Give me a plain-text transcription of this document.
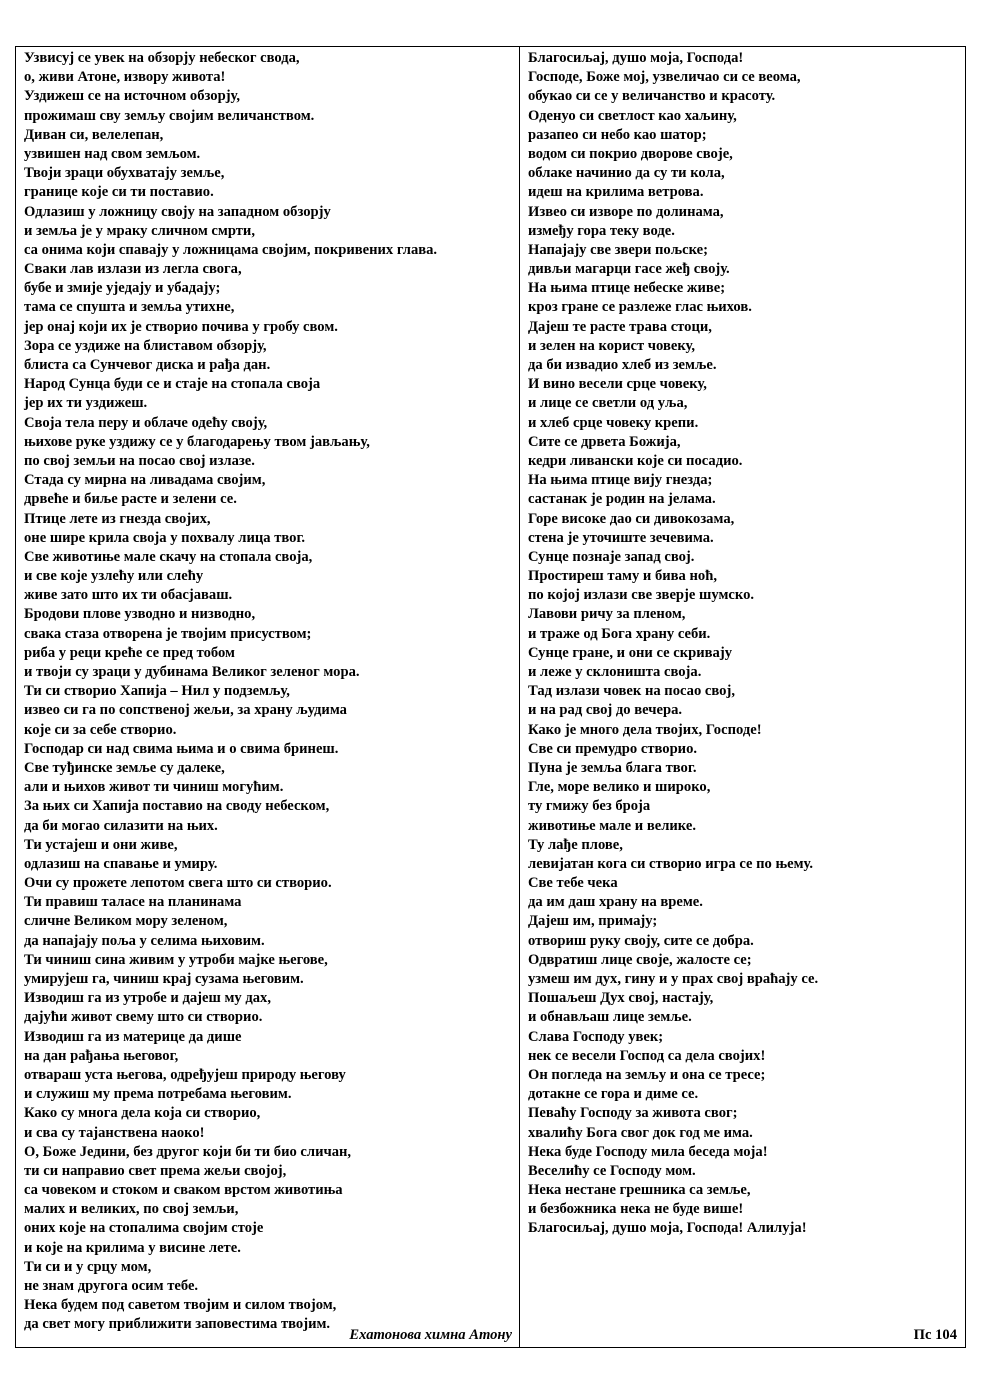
Узвисуј се увек на обзорју небеског свода,
о, живи Атоне, извору живота!
Уздижеш се на источном обзорју,
прожимаш сву земљу својим величанством.
Диван си, велелепан,
узвишен над свом земљом.
Твоји зраци обухватају земље,
границе које си ти поставио.
Одлазиш у ложницу своју на западном обзорју
и земља је у мраку сличном смрти,
са онима који спавају у ложницама својим, покривених глава.
Сваки лав излази из легла свога,
бубе и змије уједају и убадају;
тама се спушта и земља утихне,
јер онај који их је створио почива у гробу свом.
Зора се уздиже на блиставом обзорју,
блиста са Сунчевог диска и рађа дан.
Народ Сунца буди се и стаје на стопала своја
јер их ти уздижеш.
Своја тела перу и облаче одећу своју,
њихове руке уздижу се у благодарењу твом јављању,
по свој земљи на посао свој излазе.
Стада су мирна на ливадама својим,
дрвеће и биље расте и зелени се.
Птице лете из гнезда својих,
оне шире крила своја у похвалу лица твог.
Све животиње мале скачу на стопала своја,
и све које узлећу или слећу
живе зато што их ти обасјаваш.
Бродови плове узводно и низводно,
свака стаза отворена је твојим присуством;
риба у реци креће се пред тобом
и твоји су зраци у дубинама Великог зеленог мора.
Ти си створио Хапија – Нил у подземљу,
извео си га по сопственој жељи, за храну људима
које си за себе створио.
Господар си над свима њима и о свима бринеш.
Све туђинске земље су далеке,
али и њихов живот ти чиниш могућим.
За њих си Хапија поставио на своду небеском,
да би могао силазити на њих.
Ти устајеш и они живе,
одлазиш на спавање и умиру.
Очи су прожете лепотом свега што си створио.
Ти правиш таласе на планинама
сличне Великом мору зеленом,
да напајају поља у селима њиховим.
Ти чиниш сина живим у утроби мајке његове,
умирујеш га, чиниш крај сузама његовим.
Изводиш га из утробе и дајеш му дах,
дајући живот свему што си створио.
Изводиш га из материце да дише
на дан рађања његовог,
отвараш уста његова, одређујеш природу његову
и служиш му према потребама његовим.
Како су многа дела која си створио,
и сва су тајанствена наоко!
О, Боже Једини, без другог који би ти био сличан,
ти си направио свет према жељи својој,
са човеком и стоком и сваком врстом животиња
малих и великих, по свој земљи,
оних које на стопалима својим стоје
и које на крилима у висине лете.
Ти си и у срцу мом,
не знам другога осим тебе.
Нека будем под саветом твојим и силом твојом,
да свет могу приближити заповестима твојим.
Ехатонова химна Атону
Благосиљај, душо моја, Господа!
Господе, Боже мој, узвеличао си се веома,
обукао си се у величанство и красоту.
Оденуо си светлост као хаљину,
разапео си небо као шатор;
водом си покрио дворове своје,
облаке начинио да су ти кола,
идеш на крилима ветрова.
Извео си изворе по долинама,
између гора теку воде.
Напајају све звери пољске;
дивљи магарци гасе жеђ своју.
На њима птице небеске живе;
кроз гране се разлеже глас њихов.
Дајеш те расте трава стоци,
и зелен на корист човеку,
да би извадио хлеб из земље.
И вино весели срце човеку,
и лице се светли од уља,
и хлеб срце човеку крепи.
Сите се дрвета Божија,
кедри ливански које си посадио.
На њима птице вију гнезда;
састанак је родин на јелама.
Горе високе дао си дивокозама,
стена је уточиште зечевима.
Сунце познаје запад свој.
Простиреш таму и бива ноћ,
по којој излази све зверје шумско.
Лавови ричу за пленом,
и траже од Бога храну себи.
Сунце гране, и они се скривају
и леже у склоништа своја.
Тад излази човек на посао свој,
и на рад свој до вечера.
Како је много дела твојих, Господе!
Све си премудро створио.
Пуна је земља блага твог.
Гле, море велико и широко,
ту гмижу без броја
животиње мале и велике.
Ту лађе плове,
левијатан кога си створио игра се по њему.
Све тебе чека
да им даш храну на време.
Дајеш им, примају;
отвориш руку своју, сите се добра.
Одвратиш лице своје, жалосте се;
узмеш им дух, гину и у прах свој враћају се.
Пошаљеш Дух свој, настају,
и обнављаш лице земље.
Слава Господу увек;
нек се весели Господ са дела својих!
Он погледа на земљу и она се тресе;
дотакне се гора и диме се.
Певаћу Господу за живота свог;
хвалићу Бога свог док год ме има.
Нека буде Господу мила беседа моја!
Веселићу се Господу мом.
Нека нестане грешника са земље,
и безбожника нека не буде више!
Благосиљај, душо моја, Господа! Алилуја!
Пс 104
